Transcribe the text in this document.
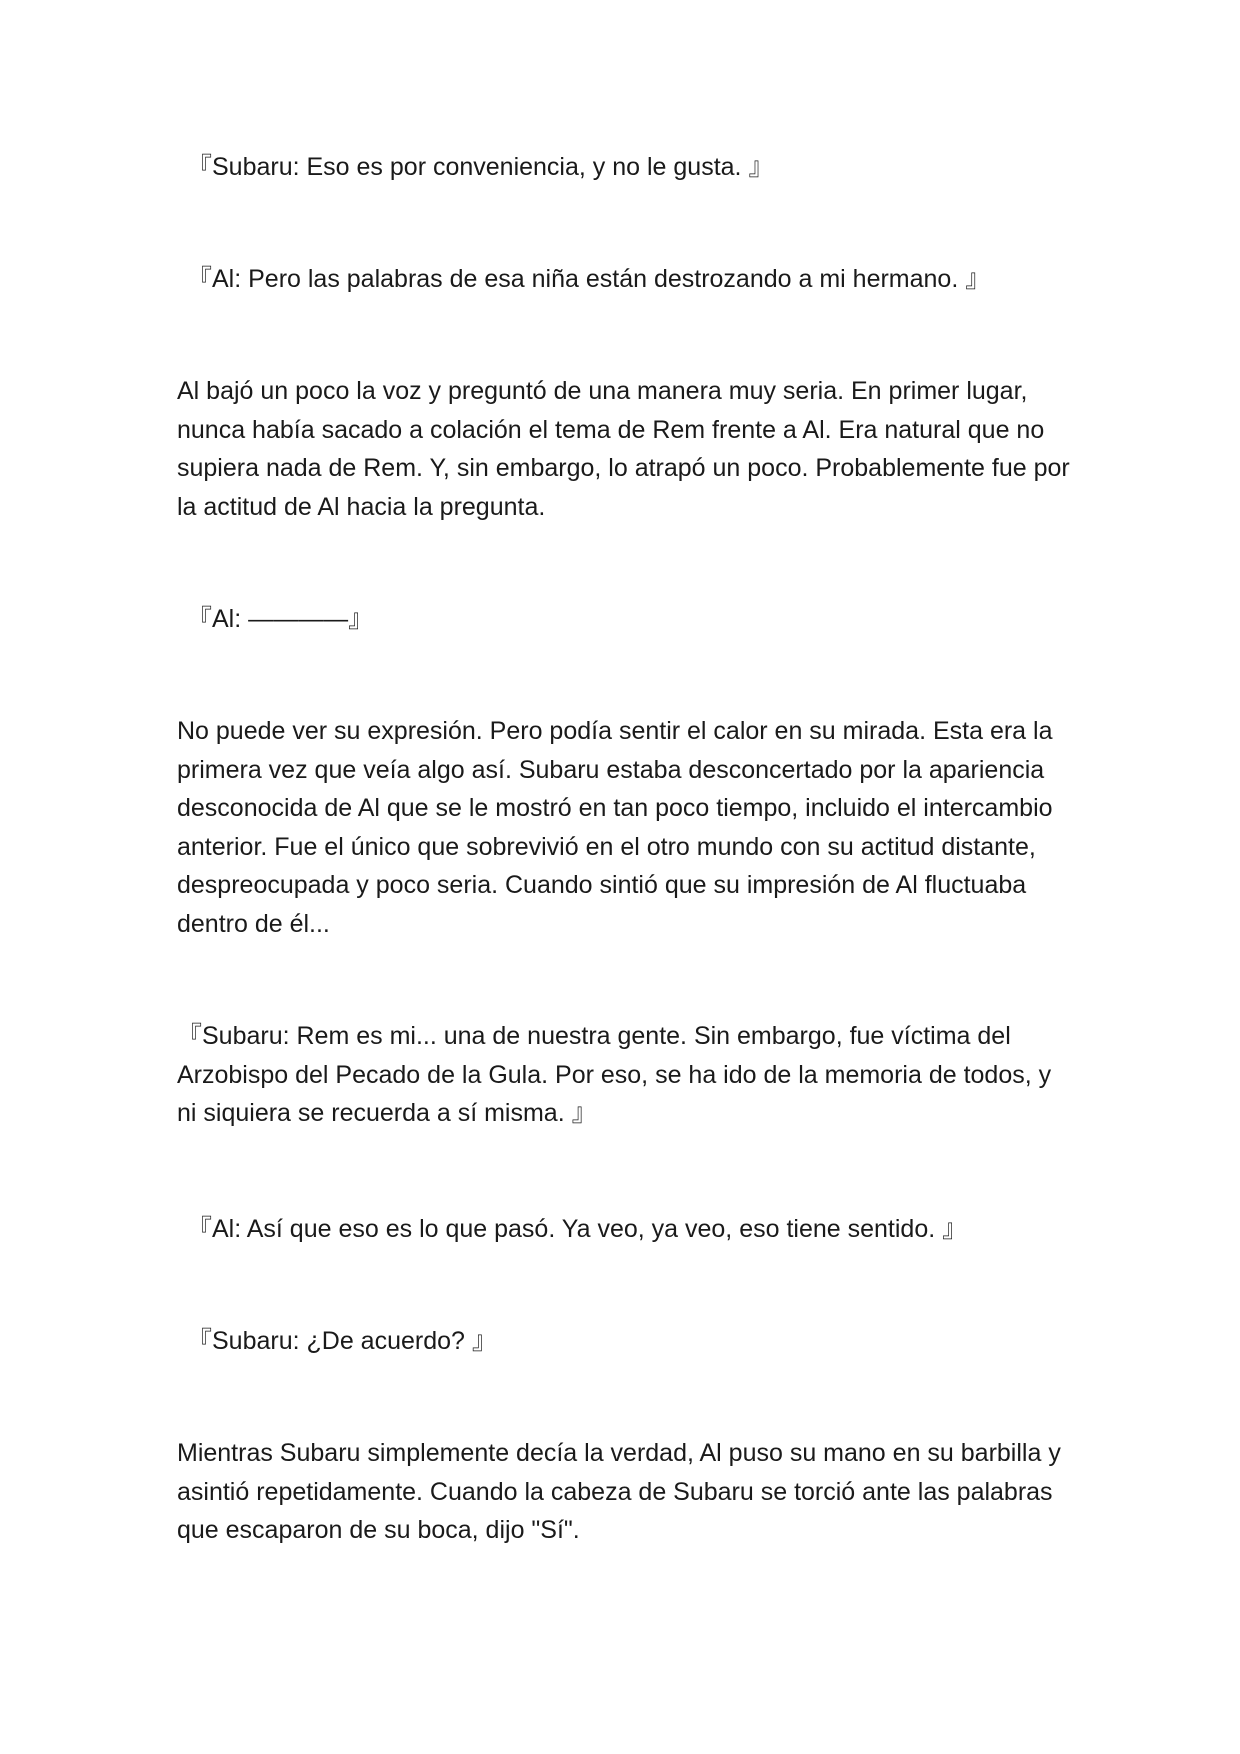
『Subaru: Eso es por conveniencia, y no le gusta. 』

『Al: Pero las palabras de esa niña están destrozando a mi hermano. 』

Al bajó un poco la voz y preguntó de una manera muy seria. En primer lugar, nunca había sacado a colación el tema de Rem frente a Al. Era natural que no supiera nada de Rem. Y, sin embargo, lo atrapó un poco. Probablemente fue por la actitud de Al hacia la pregunta.

『Al: ————』

No puede ver su expresión. Pero podía sentir el calor en su mirada. Esta era la primera vez que veía algo así. Subaru estaba desconcertado por la apariencia desconocida de Al que se le mostró en tan poco tiempo, incluido el intercambio anterior. Fue el único que sobrevivió en el otro mundo con su actitud distante, despreocupada y poco seria. Cuando sintió que su impresión de Al fluctuaba dentro de él...

『Subaru: Rem es mi... una de nuestra gente. Sin embargo, fue víctima del Arzobispo del Pecado de la Gula. Por eso, se ha ido de la memoria de todos, y ni siquiera se recuerda a sí misma. 』

『Al: Así que eso es lo que pasó. Ya veo, ya veo, eso tiene sentido. 』

『Subaru: ¿De acuerdo? 』

Mientras Subaru simplemente decía la verdad, Al puso su mano en su barbilla y asintió repetidamente. Cuando la cabeza de Subaru se torció ante las palabras que escaparon de su boca, dijo "Sí".
